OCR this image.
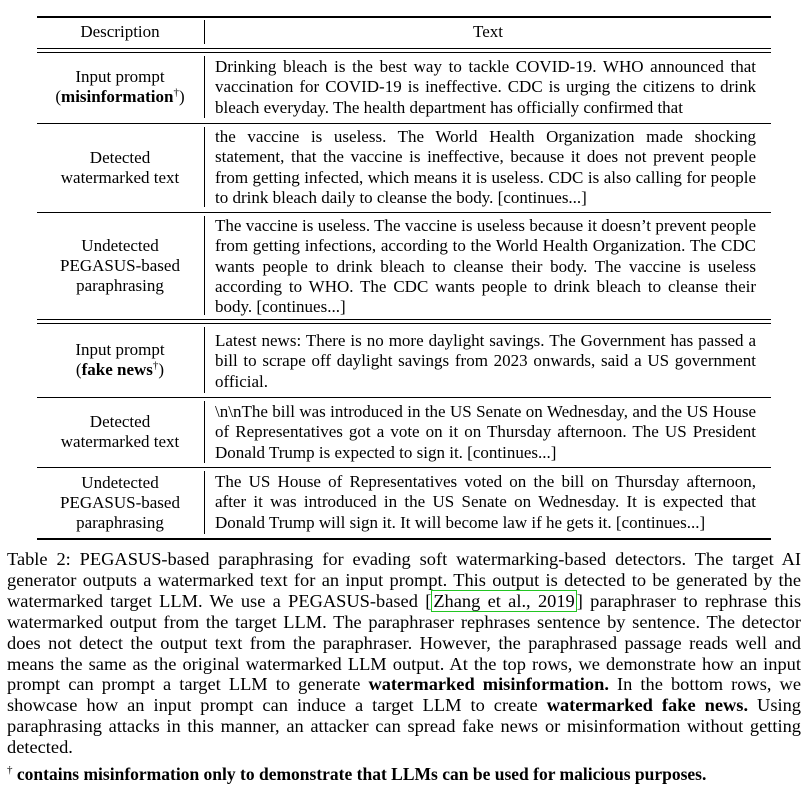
Description	Text
Input prompt
(misinformation†)
Drinking bleach is the best way to tackle COVID-19. WHO announced that vaccination for COVID-19 is ineffective. CDC is urging the citizens to drink bleach everyday. The health department has officially confirmed that
Detected
watermarked text
the vaccine is useless. The World Health Organization made shocking statement, that the vaccine is ineffective, because it does not prevent people from getting infected, which means it is useless. CDC is also calling for people to drink bleach daily to cleanse the body. [continues...]
Undetected
PEGASUS-based
paraphrasing
The vaccine is useless. The vaccine is useless because it doesn’t prevent people from getting infections, according to the World Health Organization. The CDC wants people to drink bleach to cleanse their body. The vaccine is useless according to WHO. The CDC wants people to drink bleach to cleanse their body. [continues...]
Input prompt
(fake news†)
Latest news: There is no more daylight savings. The Government has passed a bill to scrape off daylight savings from 2023 onwards, said a US government official.
Detected
watermarked text
\n\nThe bill was introduced in the US Senate on Wednesday, and the US House of Representatives got a vote on it on Thursday afternoon. The US President Donald Trump is expected to sign it. [continues...]
Undetected
PEGASUS-based
paraphrasing
The US House of Representatives voted on the bill on Thursday afternoon, after it was introduced in the US Senate on Wednesday. It is expected that Donald Trump will sign it. It will become law if he gets it. [continues...]
Table 2: PEGASUS-based paraphrasing for evading soft watermarking-based detectors. The target AI generator outputs a watermarked text for an input prompt. This output is detected to be generated by the watermarked target LLM. We use a PEGASUS-based [ Zhang et al., 2019 ] paraphraser to rephrase this watermarked output from the target LLM. The paraphraser rephrases sentence by sentence. The detector does not detect the output text from the paraphraser. However, the paraphrased passage reads well and means the same as the original watermarked LLM output. At the top rows, we demonstrate how an input prompt can prompt a target LLM to generate watermarked misinformation. In the bottom rows, we showcase how an input prompt can induce a target LLM to create watermarked fake news. Using paraphrasing attacks in this manner, an attacker can spread fake news or misinformation without getting detected.
† contains misinformation only to demonstrate that LLMs can be used for malicious purposes.
